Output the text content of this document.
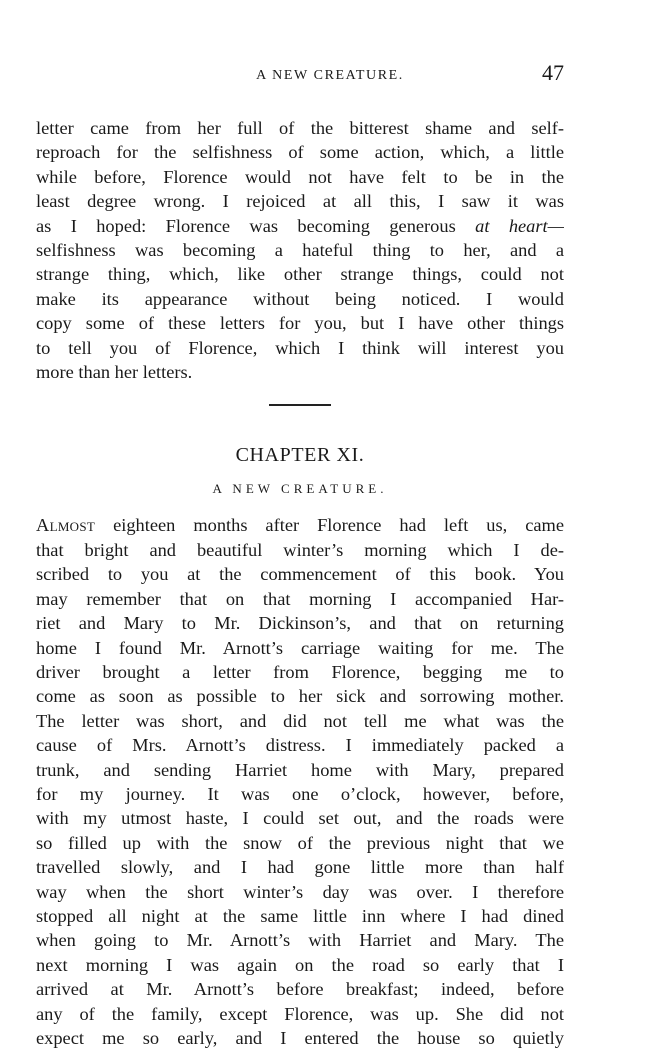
A NEW CREATURE.	47
letter came from her full of the bitterest shame and self-
reproach for the selfishness of some action, which, a little
while before, Florence would not have felt to be in the
least degree wrong. I rejoiced at all this, I saw it was
as I hoped: Florence was becoming generous at heart—
selfishness was becoming a hateful thing to her, and a
strange thing, which, like other strange things, could not
make its appearance without being noticed. I would
copy some of these letters for you, but I have other things
to tell you of Florence, which I think will interest you
more than her letters.
CHAPTER XI.
A NEW CREATURE.
Almost eighteen months after Florence had left us, came
that bright and beautiful winter’s morning which I de-
scribed to you at the commencement of this book. You
may remember that on that morning I accompanied Har-
riet and Mary to Mr. Dickinson’s, and that on returning
home I found Mr. Arnott’s carriage waiting for me. The
driver brought a letter from Florence, begging me to
come as soon as possible to her sick and sorrowing mother.
The letter was short, and did not tell me what was the
cause of Mrs. Arnott’s distress. I immediately packed a
trunk, and sending Harriet home with Mary, prepared
for my journey. It was one o’clock, however, before,
with my utmost haste, I could set out, and the roads were
so filled up with the snow of the previous night that we
travelled slowly, and I had gone little more than half
way when the short winter’s day was over. I therefore
stopped all night at the same little inn where I had dined
when going to Mr. Arnott’s with Harriet and Mary. The
next morning I was again on the road so early that I
arrived at Mr. Arnott’s before breakfast; indeed, before
any of the family, except Florence, was up. She did not
expect me so early, and I entered the house so quietly
